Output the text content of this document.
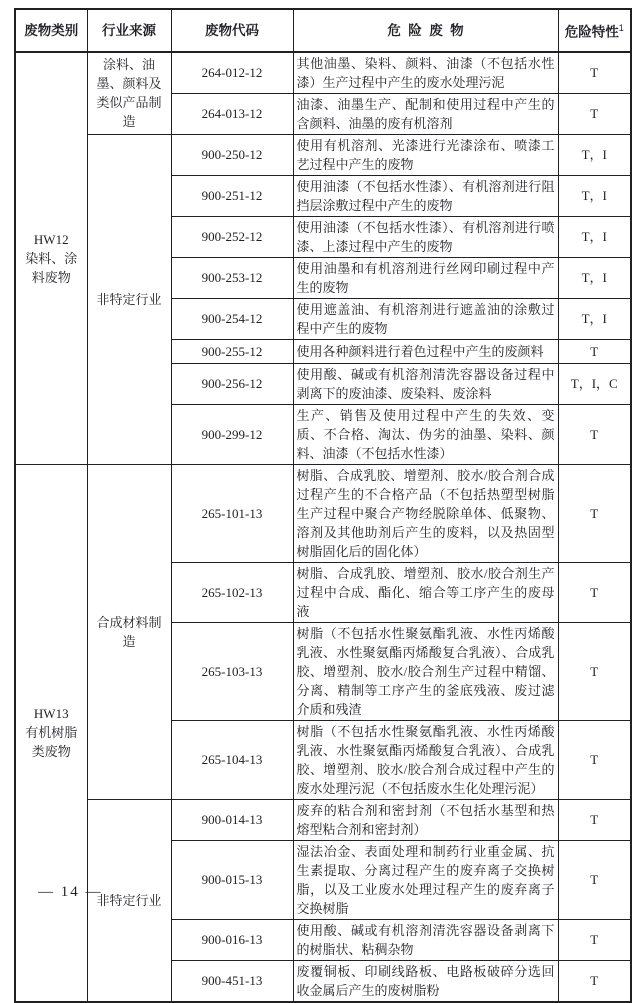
废物类别	行业来源	废物代码	危险废物	危险特性$^1$

HW12
染料、涂料废物	涂料、油墨、颜料及类似产品制造	264-012-12	其他油墨、染料、颜料、油漆（不包括水性漆）生产过程中产生的废水处理污泥	T
		264-013-12	油漆、油墨生产、配制和使用过程中产生的含颜料、油墨的废有机溶剂	T
	非特定行业	900-250-12	使用有机溶剂、光漆进行光漆涂布、喷漆工艺过程中产生的废物	T，I
		900-251-12	使用油漆（不包括水性漆）、有机溶剂进行阻挡层涂敷过程中产生的废物	T，I
		900-252-12	使用油漆（不包括水性漆）、有机溶剂进行喷漆、上漆过程中产生的废物	T，I
		900-253-12	使用油墨和有机溶剂进行丝网印刷过程中产生的废物	T，I
		900-254-12	使用遮盖油、有机溶剂进行遮盖油的涂敷过程中产生的废物	T，I
		900-255-12	使用各种颜料进行着色过程中产生的废颜料	T
		900-256-12	使用酸、碱或有机溶剂清洗容器设备过程中剥离下的废油漆、废染料、废涂料	T，I，C
		900-299-12	生产、销售及使用过程中产生的失效、变质、不合格、淘汰、伪劣的油墨、染料、颜料、油漆（不包括水性漆）	T

HW13
有机树脂类废物	合成材料制造	265-101-13	树脂、合成乳胶、增塑剂、胶水/胶合剂合成过程产生的不合格产品（不包括热塑型树脂生产过程中聚合产物经脱除单体、低聚物、溶剂及其他助剂后产生的废料，以及热固型树脂固化后的固化体）	T
		265-102-13	树脂、合成乳胶、增塑剂、胶水/胶合剂生产过程中合成、酯化、缩合等工序产生的废母液	T
		265-103-13	树脂（不包括水性聚氨酯乳液、水性丙烯酸乳液、水性聚氨酯丙烯酸复合乳液）、合成乳胶、增塑剂、胶水/胶合剂生产过程中精馏、分离、精制等工序产生的釜底残液、废过滤介质和残渣	T
		265-104-13	树脂（不包括水性聚氨酯乳液、水性丙烯酸乳液、水性聚氨酯丙烯酸复合乳液）、合成乳胶、增塑剂、胶水/胶合剂合成过程中产生的废水处理污泥（不包括废水生化处理污泥）	T
	非特定行业	900-014-13	废弃的粘合剂和密封剂（不包括水基型和热熔型粘合剂和密封剂）	T
		900-015-13	湿法冶金、表面处理和制药行业重金属、抗生素提取、分离过程产生的废弃离子交换树脂，以及工业废水处理过程产生的废弃离子交换树脂	T
		900-016-13	使用酸、碱或有机溶剂清洗容器设备剥离下的树脂状、粘稠杂物	T
		900-451-13	废覆铜板、印刷线路板、电路板破碎分选回收金属后产生的废树脂粉	T
— 14 —
